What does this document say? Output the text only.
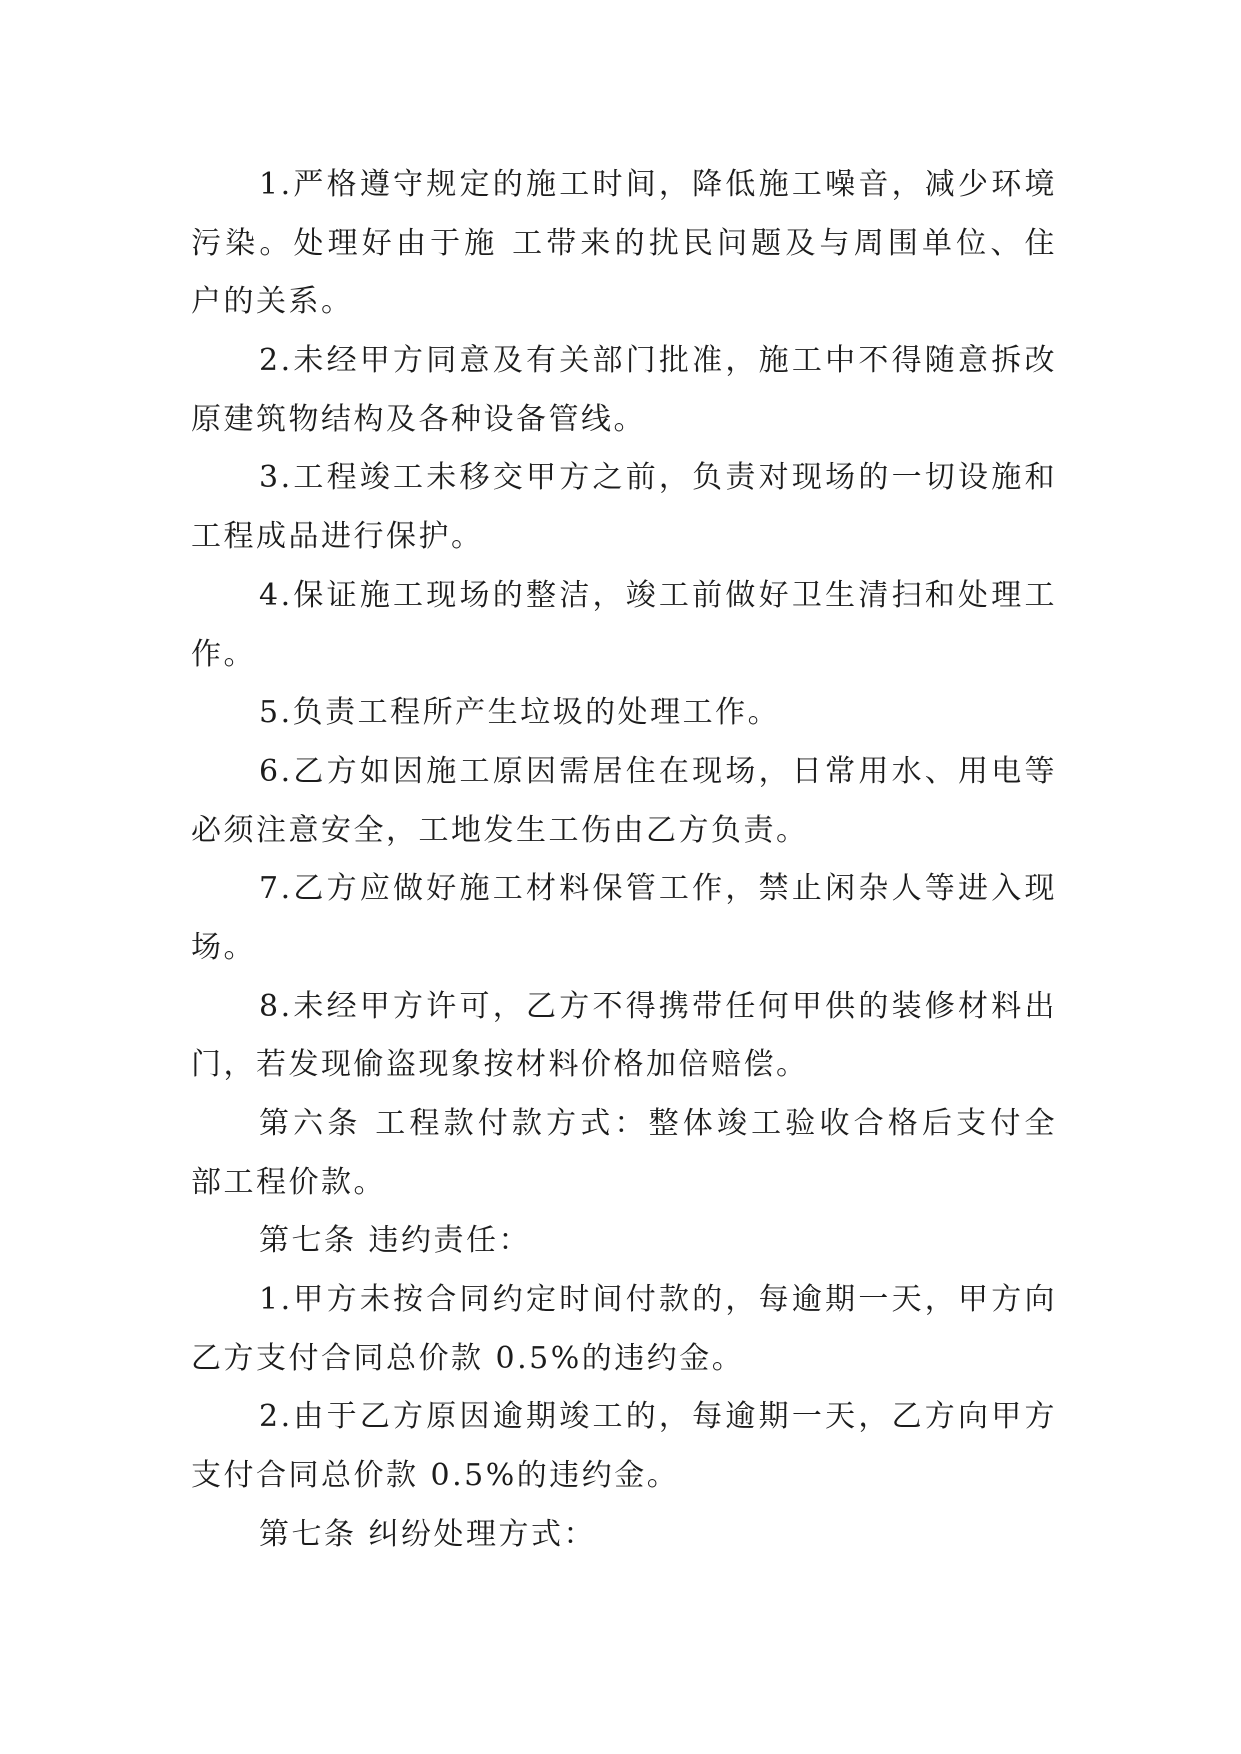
1.严格遵守规定的施工时间，降低施工噪音，减少环境
污染。处理好由于施 工带来的扰民问题及与周围单位、住
户的关系。
2.未经甲方同意及有关部门批准，施工中不得随意拆改
原建筑物结构及各种设备管线。
3.工程竣工未移交甲方之前，负责对现场的一切设施和
工程成品进行保护。
4.保证施工现场的整洁，竣工前做好卫生清扫和处理工
作。
5.负责工程所产生垃圾的处理工作。
6.乙方如因施工原因需居住在现场，日常用水、用电等
必须注意安全，工地发生工伤由乙方负责。
7.乙方应做好施工材料保管工作，禁止闲杂人等进入现
场。
8.未经甲方许可，乙方不得携带任何甲供的装修材料出
门，若发现偷盗现象按材料价格加倍赔偿。
第六条 工程款付款方式：整体竣工验收合格后支付全
部工程价款。
第七条 违约责任：
1.甲方未按合同约定时间付款的，每逾期一天，甲方向
乙方支付合同总价款 0.5%的违约金。
2.由于乙方原因逾期竣工的，每逾期一天，乙方向甲方
支付合同总价款 0.5%的违约金。
第七条 纠纷处理方式：
